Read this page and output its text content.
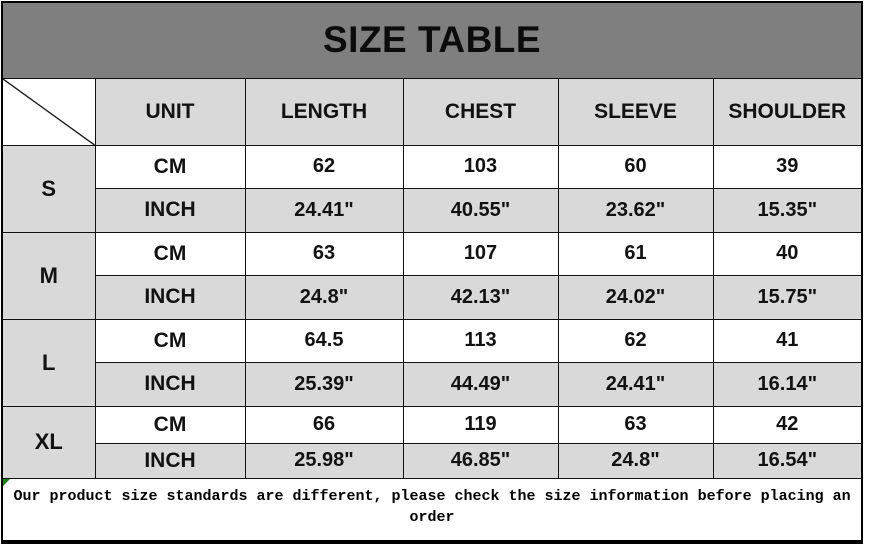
SIZE TABLE					

	UNIT	LENGTH	CHEST	SLEEVE	SHOULDER
S	CM	62	103	60	39
	INCH	24.41"	40.55"	23.62"	15.35"
M	CM	63	107	61	40
	INCH	24.8"	42.13"	24.02"	15.75"
L	CM	64.5	113	62	41
	INCH	25.39"	44.49"	24.41"	16.14"
XL	CM	66	119	63	42
	INCH	25.98"	46.85"	24.8"	16.54"

Our product size standards are different, please check the size information before placing an order					
